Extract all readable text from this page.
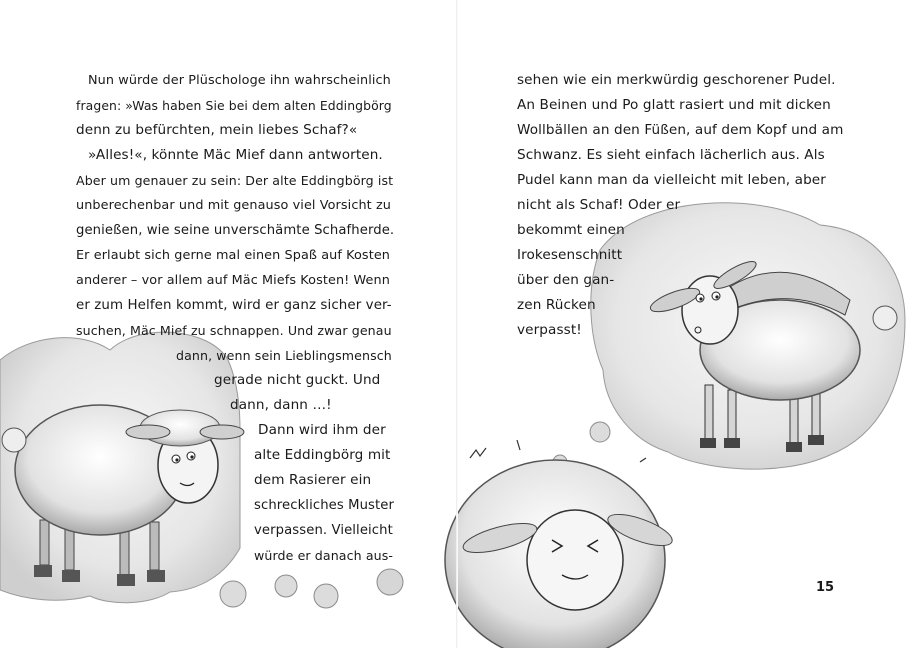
Nun würde der Plüschologe ihn wahrscheinlich
fragen: »Was haben Sie bei dem alten Eddingbörg
denn zu befürchten, mein liebes Schaf?«
»Alles!«, könnte Mäc Mief dann antworten.
Aber um genauer zu sein: Der alte Eddingbörg ist
unberechenbar und mit genauso viel Vorsicht zu
genießen, wie seine unverschämte Schafherde.
Er erlaubt sich gerne mal einen Spaß auf Kosten
anderer – vor allem auf Mäc Miefs Kosten! Wenn
er zum Helfen kommt, wird er ganz sicher ver-
suchen, Mäc Mief zu schnappen. Und zwar genau
dann, wenn sein Lieblingsmensch
gerade nicht guckt. Und
dann, dann …!
Dann wird ihm der
alte Eddingbörg mit
dem Rasierer ein
schreckliches Muster
verpassen. Vielleicht
würde er danach aus-
sehen wie ein merkwürdig geschorener Pudel.
An Beinen und Po glatt rasiert und mit dicken
Wollbällen an den Füßen, auf dem Kopf und am
Schwanz. Es sieht einfach lächerlich aus. Als
Pudel kann man da vielleicht mit leben, aber
nicht als Schaf! Oder er
bekommt einen
Irokesenschnitt
über den gan-
zen Rücken
verpasst!
15
